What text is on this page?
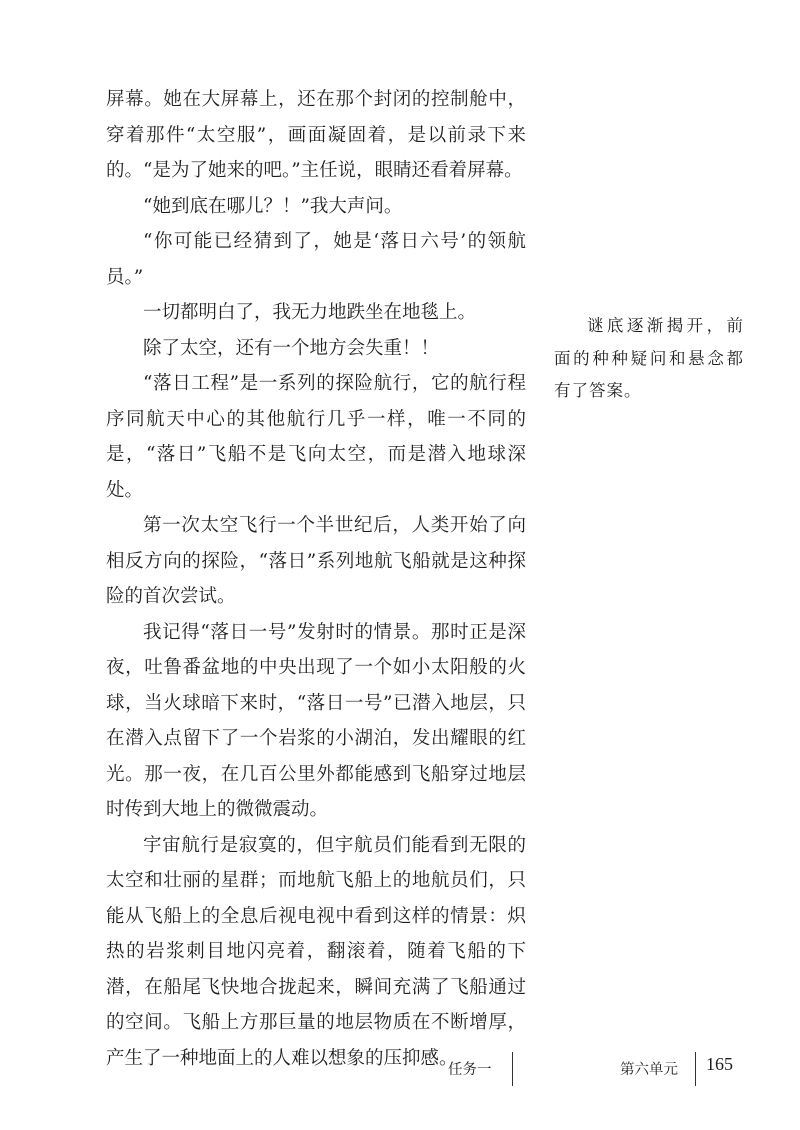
屏幕。她在大屏幕上，还在那个封闭的控制舱中，穿着那件“太空服”，画面凝固着，是以前录下来的。“是为了她来的吧。”主任说，眼睛还看着屏幕。

“她到底在哪儿？！”我大声问。

“你可能已经猜到了，她是‘落日六号’的领航员。”

一切都明白了，我无力地跌坐在地毯上。

除了太空，还有一个地方会失重！！

“落日工程”是一系列的探险航行，它的航行程序同航天中心的其他航行几乎一样，唯一不同的是，“落日”飞船不是飞向太空，而是潜入地球深处。

第一次太空飞行一个半世纪后，人类开始了向相反方向的探险，“落日”系列地航飞船就是这种探险的首次尝试。

我记得“落日一号”发射时的情景。那时正是深夜，吐鲁番盆地的中央出现了一个如小太阳般的火球，当火球暗下来时，“落日一号”已潜入地层，只在潜入点留下了一个岩浆的小湖泊，发出耀眼的红光。那一夜，在几百公里外都能感到飞船穿过地层时传到大地上的微微震动。

宇宙航行是寂寞的，但宇航员们能看到无限的太空和壮丽的星群；而地航飞船上的地航员们，只能从飞船上的全息后视电视中看到这样的情景：炽热的岩浆刺目地闪亮着，翻滚着，随着飞船的下潜，在船尾飞快地合拢起来，瞬间充满了飞船通过的空间。飞船上方那巨量的地层物质在不断增厚，产生了一种地面上的人难以想象的压抑感。

谜底逐渐揭开，前面的种种疑问和悬念都有了答案。

任务一	第六单元 165
